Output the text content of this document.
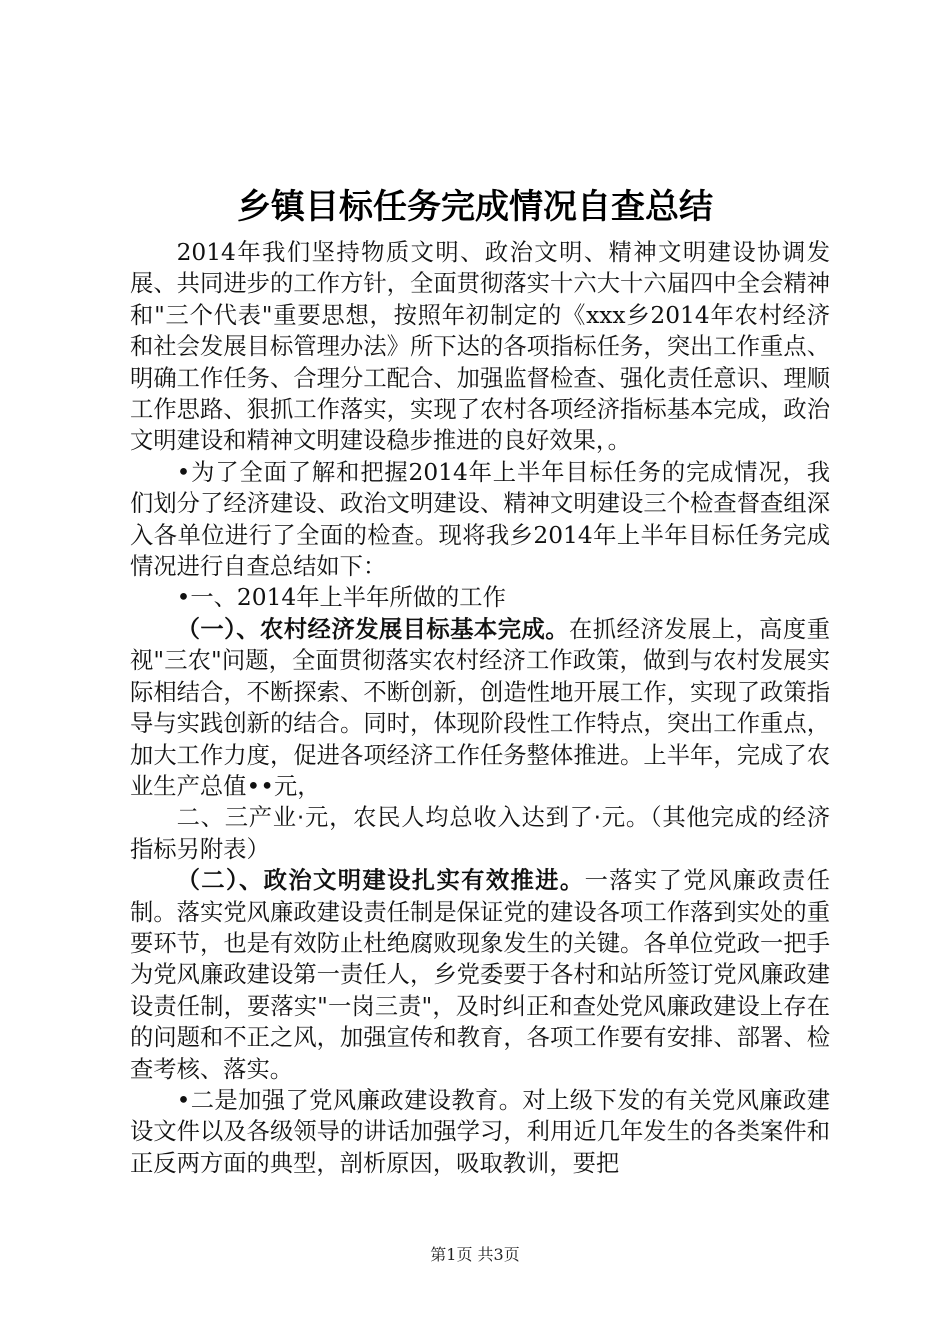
乡镇目标任务完成情况自查总结

2014年我们坚持物质文明、政治文明、精神文明建设协调发展、共同进步的工作方针，全面贯彻落实十六大十六届四中全会精神和"三个代表"重要思想，按照年初制定的《xxx乡2014年农村经济和社会发展目标管理办法》所下达的各项指标任务，突出工作重点、明确工作任务、合理分工配合、加强监督检查、强化责任意识、理顺工作思路、狠抓工作落实，实现了农村各项经济指标基本完成，政治文明建设和精神文明建设稳步推进的良好效果，。

•为了全面了解和把握2014年上半年目标任务的完成情况，我们划分了经济建设、政治文明建设、精神文明建设三个检查督查组深入各单位进行了全面的检查。现将我乡2014年上半年目标任务完成情况进行自查总结如下：

•一、2014年上半年所做的工作

（一）、农村经济发展目标基本完成。在抓经济发展上，高度重视"三农"问题，全面贯彻落实农村经济工作政策，做到与农村发展实际相结合，不断探索、不断创新，创造性地开展工作，实现了政策指导与实践创新的结合。同时，体现阶段性工作特点，突出工作重点，加大工作力度，促进各项经济工作任务整体推进。上半年，完成了农业生产总值••元，

二、三产业·元，农民人均总收入达到了·元。（其他完成的经济指标另附表）

（二）、政治文明建设扎实有效推进。一落实了党风廉政责任制。落实党风廉政建设责任制是保证党的建设各项工作落到实处的重要环节，也是有效防止杜绝腐败现象发生的关键。各单位党政一把手为党风廉政建设第一责任人，乡党委要于各村和站所签订党风廉政建设责任制，要落实"一岗三责"，及时纠正和查处党风廉政建设上存在的问题和不正之风，加强宣传和教育，各项工作要有安排、部署、检查考核、落实。

•二是加强了党风廉政建设教育。对上级下发的有关党风廉政建设文件以及各级领导的讲话加强学习，利用近几年发生的各类案件和正反两方面的典型，剖析原因，吸取教训，要把

第1页 共3页
